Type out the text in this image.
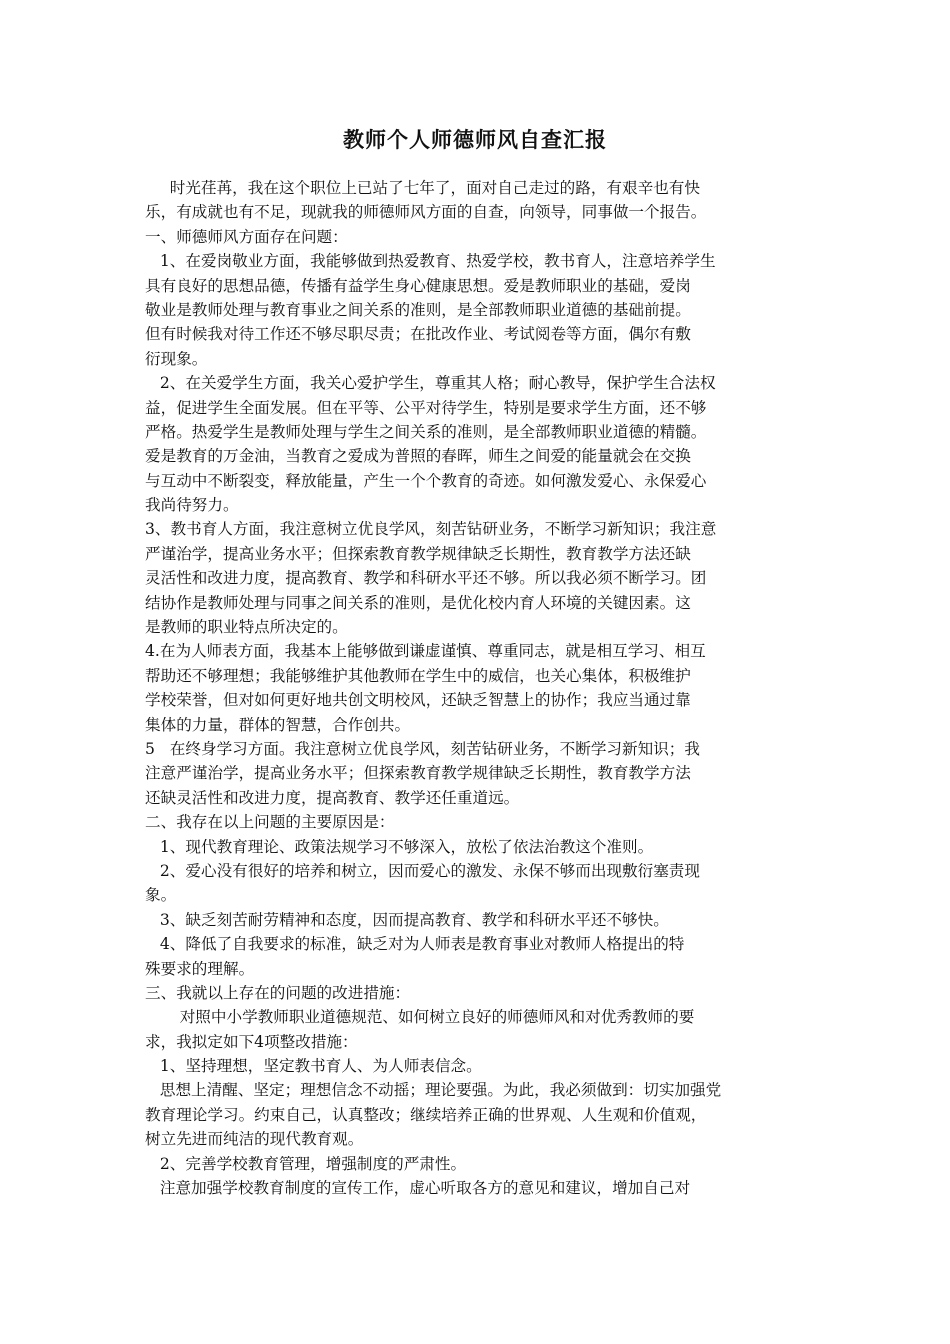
教师个人师德师风自查汇报
时光荏苒，我在这个职位上已站了七年了，面对自己走过的路，有艰辛也有快
乐，有成就也有不足，现就我的师德师风方面的自查，向领导，同事做一个报告。
一、师德师风方面存在问题：
1、在爱岗敬业方面，我能够做到热爱教育、热爱学校，教书育人，注意培养学生
具有良好的思想品德，传播有益学生身心健康思想。爱是教师职业的基础，爱岗
敬业是教师处理与教育事业之间关系的准则，是全部教师职业道德的基础前提。
但有时候我对待工作还不够尽职尽责；在批改作业、考试阅卷等方面，偶尔有敷
衍现象。
2、在关爱学生方面，我关心爱护学生，尊重其人格；耐心教导，保护学生合法权
益，促进学生全面发展。但在平等、公平对待学生，特别是要求学生方面，还不够
严格。热爱学生是教师处理与学生之间关系的准则，是全部教师职业道德的精髓。
爱是教育的万金油，当教育之爱成为普照的春晖，师生之间爱的能量就会在交换
与互动中不断裂变，释放能量，产生一个个教育的奇迹。如何激发爱心、永保爱心
我尚待努力。
3、教书育人方面，我注意树立优良学风，刻苦钻研业务，不断学习新知识；我注意
严谨治学，提高业务水平；但探索教育教学规律缺乏长期性，教育教学方法还缺
灵活性和改进力度，提高教育、教学和科研水平还不够。所以我必须不断学习。团
结协作是教师处理与同事之间关系的准则，是优化校内育人环境的关键因素。这
是教师的职业特点所决定的。
4.在为人师表方面，我基本上能够做到谦虚谨慎、尊重同志，就是相互学习、相互
帮助还不够理想；我能够维护其他教师在学生中的威信，也关心集体，积极维护
学校荣誉，但对如何更好地共创文明校风，还缺乏智慧上的协作；我应当通过靠
集体的力量，群体的智慧，合作创共。
5   在终身学习方面。我注意树立优良学风，刻苦钻研业务，不断学习新知识；我
注意严谨治学，提高业务水平；但探索教育教学规律缺乏长期性，教育教学方法
还缺灵活性和改进力度，提高教育、教学还任重道远。
二、我存在以上问题的主要原因是：
1、现代教育理论、政策法规学习不够深入，放松了依法治教这个准则。
2、爱心没有很好的培养和树立，因而爱心的激发、永保不够而出现敷衍塞责现
象。
3、缺乏刻苦耐劳精神和态度，因而提高教育、教学和科研水平还不够快。
4、降低了自我要求的标准，缺乏对为人师表是教育事业对教师人格提出的特
殊要求的理解。
三、我就以上存在的问题的改进措施：
对照中小学教师职业道德规范、如何树立良好的师德师风和对优秀教师的要
求，我拟定如下4项整改措施：
1、坚持理想，坚定教书育人、为人师表信念。
思想上清醒、坚定；理想信念不动摇；理论要强。为此，我必须做到：切实加强党
教育理论学习。约束自己，认真整改；继续培养正确的世界观、人生观和价值观，
树立先进而纯洁的现代教育观。
2、完善学校教育管理，增强制度的严肃性。
注意加强学校教育制度的宣传工作，虚心听取各方的意见和建议，增加自己对
